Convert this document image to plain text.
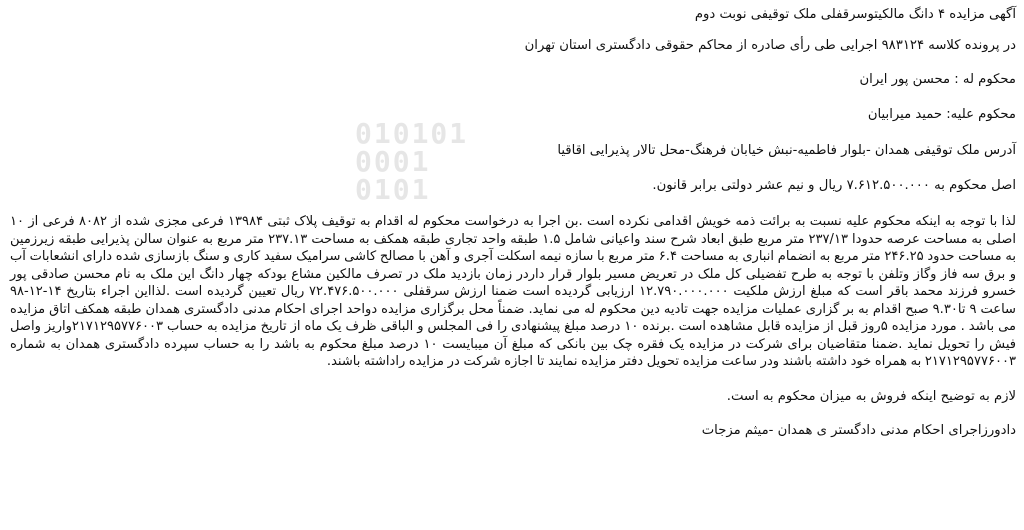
010101
0001
0101

آگهی مزایده ۴ دانگ مالکیتوسرقفلی ملک توقیفی نوبت دوم

در پرونده کلاسه ۹۸۳۱۲۴ اجرایی طی رأی صادره از محاکم حقوقی دادگستری استان تهران

محکوم له : محسن پور ایران

محکوم علیه: حمید میرابیان

آدرس ملک توقیفی همدان -بلوار فاطمیه-نبش خیابان فرهنگ-محل تالار پذیرایی اقاقیا

اصل محکوم به ۷.۶۱۲.۵۰۰.۰۰۰ ریال و نیم عشر دولتی برابر قانون.

لذا با توجه به اینکه محکوم علیه نسبت به برائت ذمه خویش اقدامی نکرده است .بن اجرا به درخواست محکوم له اقدام به توقیف پلاک ثبتی ۱۳۹۸۴ فرعی مجزی شده از ۸۰۸۲ فرعی از ۱۰ اصلی به مساحت عرصه حدودا ۲۳۷/۱۳ متر مربع طبق ابعاد شرح سند واعیانی شامل ۱.۵ طبقه واحد تجاری طبقه همکف به مساحت ۲۳۷.۱۳ متر مربع به عنوان سالن پذیرایی طبقه زیرزمین به مساحت حدود ۲۴۶.۲۵ متر مربع به انضمام انباری به مساحت ۶.۴ متر مربع با سازه نیمه اسکلت آجری و آهن با مصالح کاشی سرامیک سفید کاری و سنگ بازسازی شده دارای انشعابات آب و برق سه فاز وگاز وتلفن با توجه به طرح تفضیلی کل ملک در تعریض مسیر بلوار قرار داردر زمان بازدید ملک در تصرف مالکین مشاع بودکه چهار دانگ این ملک به نام محسن صادقی پور خسرو فرزند محمد باقر است که مبلغ ارزش ملکیت ۱۲.۷۹۰.۰۰۰.۰۰۰ ارزیابی گردیده است ضمنا ارزش سرقفلی ۷۲.۴۷۶.۵۰۰.۰۰۰ ریال تعیین گردیده است .لذااین اجراء بتاریخ ۱۴-۱۲-۹۸ ساعت ۹ تا۹.۳۰ صبح اقدام به بر گزاری عملیات مزایده جهت تادیه دین محکوم له می نماید. ضمناً محل برگزاری مزایده دواحد اجرای احکام مدنی دادگستری همدان طبقه همکف اتاق مزایده می باشد . مورد مزایده ۵روز قبل از مزایده قابل مشاهده است .برنده ۱۰ درصد مبلغ پیشنهادی را فی المجلس و الباقی ظرف یک ماه از تاریخ مزایده به حساب ۲۱۷۱۲۹۵۷۷۶۰۰۳واریز واصل فیش را تحویل نماید .ضمنا متقاضیان برای شرکت در مزایده یک فقره چک بین بانکی که مبلغ آن میبایست ۱۰ درصد مبلغ محکوم به باشد را به حساب سپرده دادگستری همدان به شماره ۲۱۷۱۲۹۵۷۷۶۰۰۳ به همراه خود داشته باشند ودر ساعت مزایده تحویل دفتر مزایده نمایند تا اجازه شرکت در مزایده راداشته باشند.

لازم به توضیح اینکه فروش به میزان محکوم به است.

دادورزاجرای احکام مدنی دادگستر ی همدان -میثم مزجات
